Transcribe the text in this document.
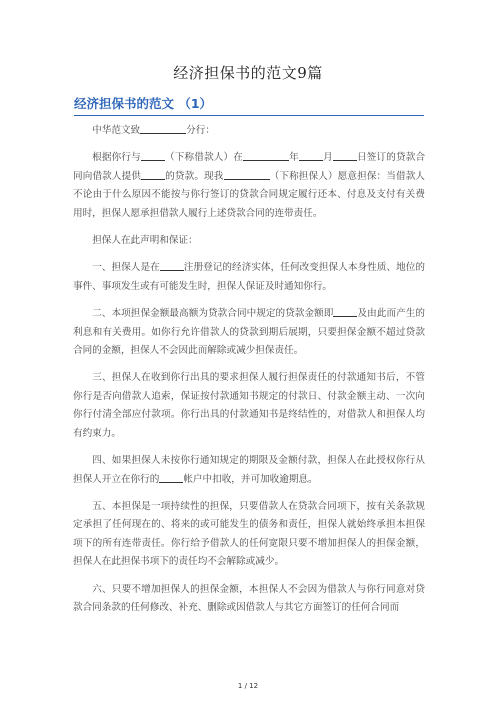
经济担保书的范文9篇
经济担保书的范文 （1）

中华范文致	分行：

根据你行与	（下称借款人）在	年	月	日签订的贷款合同向借款人提供	的贷款。现我	（下称担保人）愿意担保：当借款人不论由于什么原因不能按与你行签订的贷款合同规定履行还本、付息及支付有关费用时，担保人愿承担借款人履行上述贷款合同的连带责任。

担保人在此声明和保证：

一、担保人是在	注册登记的经济实体，任何改变担保人本身性质、地位的事件、事项发生或有可能发生时，担保人保证及时通知你行。

二、本项担保金额最高额为贷款合同中规定的贷款金额即	及由此而产生的利息和有关费用。如你行允许借款人的贷款到期后展期，只要担保金额不超过贷款合同的金额，担保人不会因此而解除或减少担保责任。

三、担保人在收到你行出具的要求担保人履行担保责任的付款通知书后，不管你行是否向借款人追索，保证按付款通知书规定的付款日、付款金额主动、一次向你行付清全部应付款项。你行出具的付款通知书是终结性的，对借款人和担保人均有约束力。

四、如果担保人未按你行通知规定的期限及金额付款，担保人在此授权你行从担保人开立在你行的	帐户中扣收，并可加收逾期息。

五、本担保是一项持续性的担保，只要借款人在贷款合同项下，按有关条款规定承担了任何现在的、将来的或可能发生的债务和责任，担保人就始终承担本担保项下的所有连带责任。你行给予借款人的任何宽限只要不增加担保人的担保金额，担保人在此担保书项下的责任均不会解除或减少。

六、只要不增加担保人的担保金额，本担保人不会因为借款人与你行同意对贷款合同条款的任何修改、补充、删除或因借款人与其它方面签订的任何合同而

1 / 12
